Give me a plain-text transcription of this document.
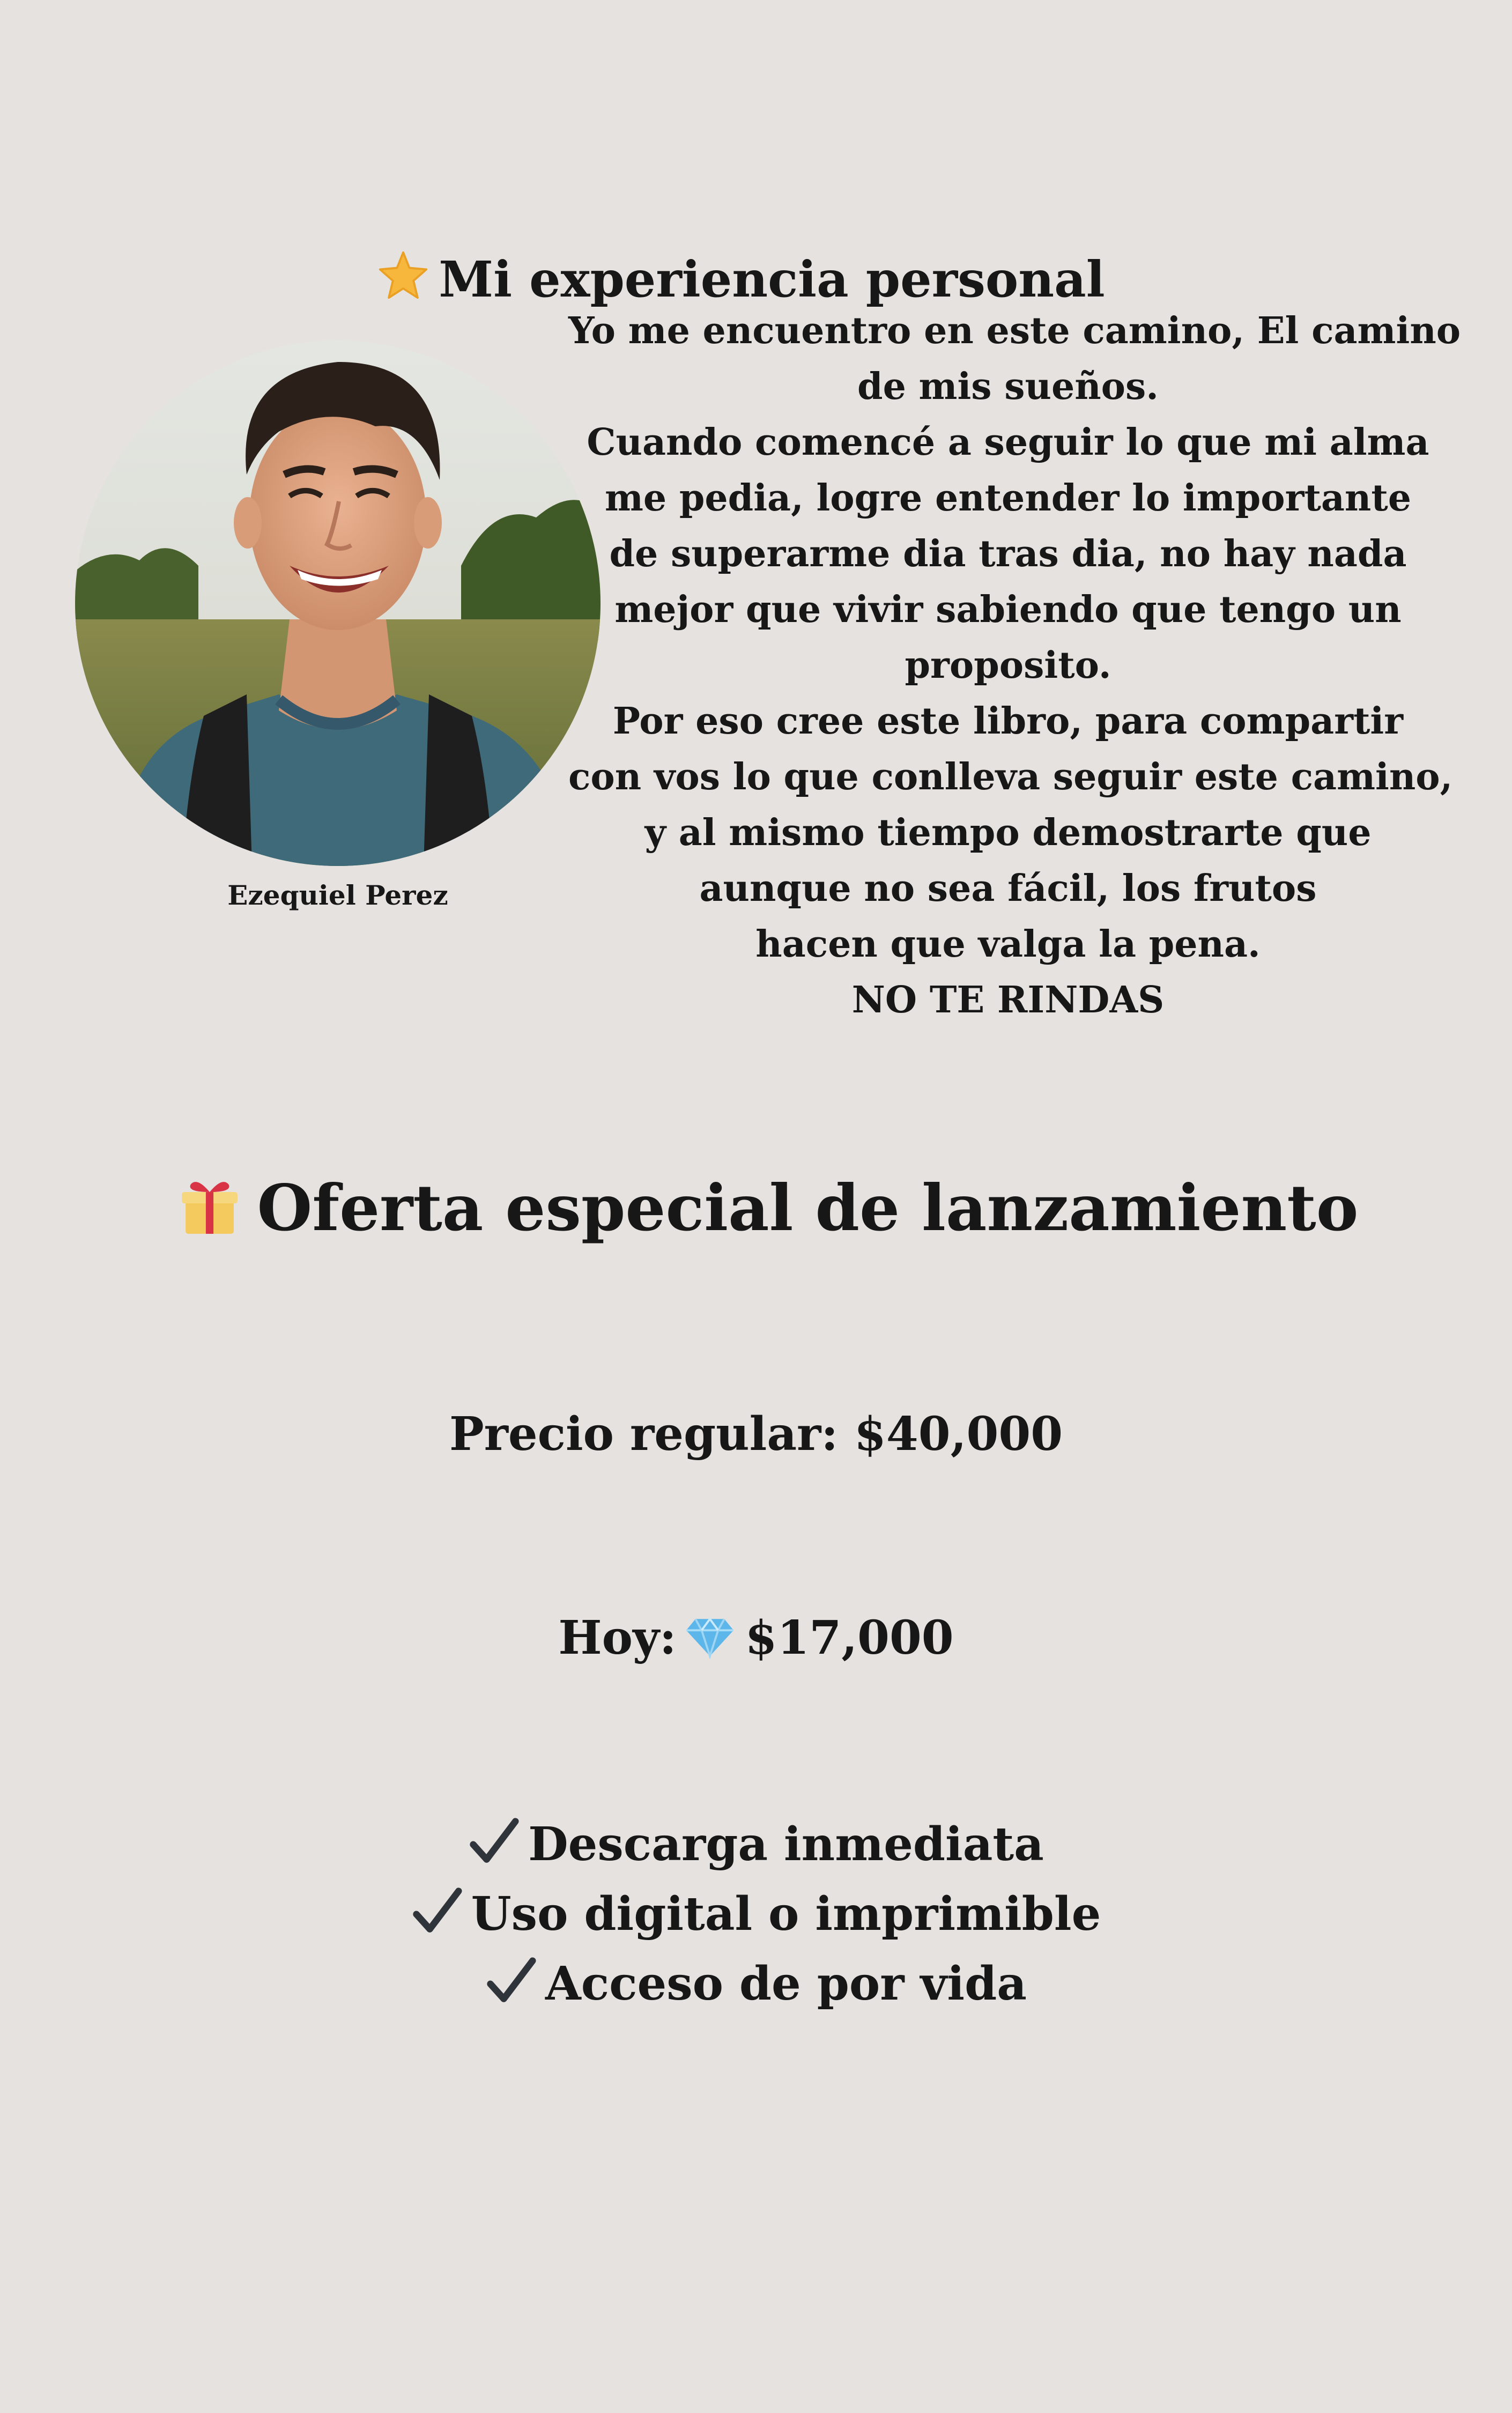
Mi experiencia personal
Ezequiel Perez

Yo me encuentro en este camino, El camino
de mis sueños.
Cuando comencé a seguir lo que mi alma
me pedia, logre entender lo importante
de superarme dia tras dia, no hay nada
mejor que vivir sabiendo que tengo un
proposito.
Por eso cree este libro, para compartir
con vos lo que conlleva seguir este camino,
y al mismo tiempo demostrarte que
aunque no sea fácil, los frutos
hacen que valga la pena.
NO TE RINDAS

Oferta especial de lanzamiento
Precio regular: $40,000
Hoy: $17,000
Descarga inmediata
Uso digital o imprimible
Acceso de por vida
